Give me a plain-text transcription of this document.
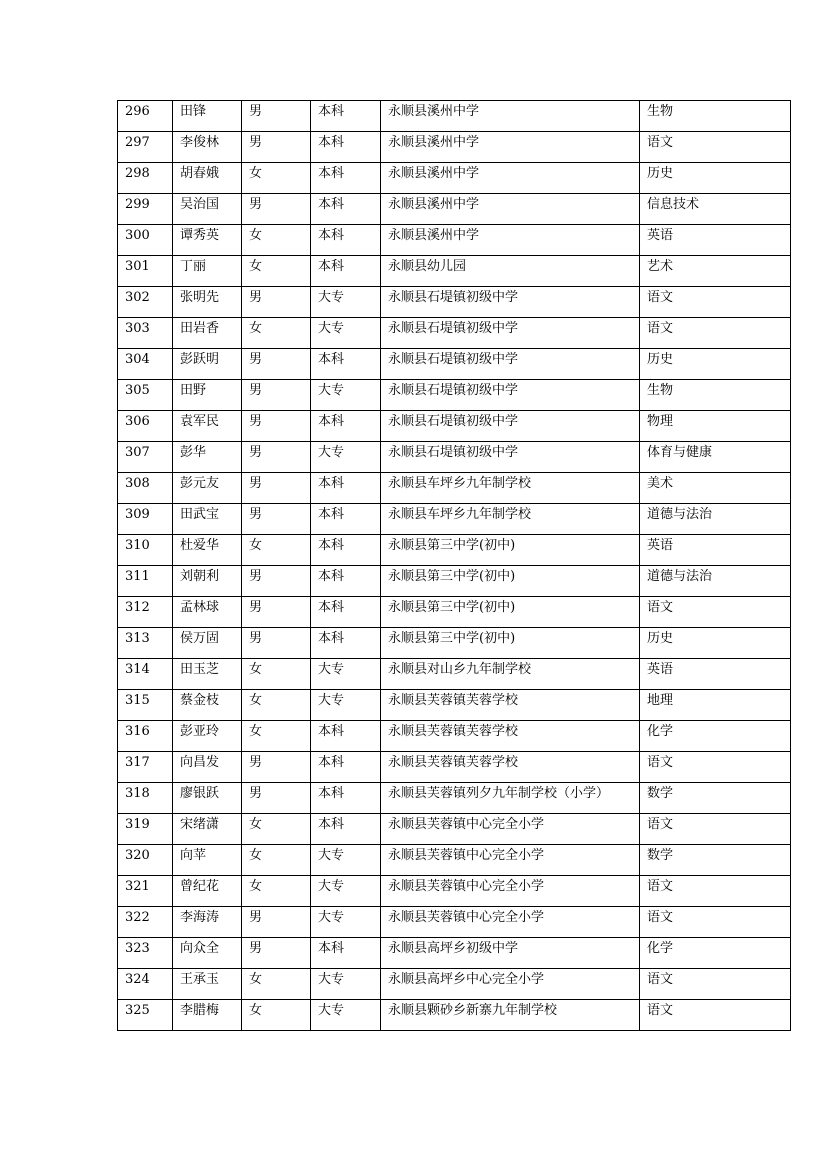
296	田锋	男	本科	永顺县溪州中学	生物
297	李俊林	男	本科	永顺县溪州中学	语文
298	胡春娥	女	本科	永顺县溪州中学	历史
299	吴治国	男	本科	永顺县溪州中学	信息技术
300	谭秀英	女	本科	永顺县溪州中学	英语
301	丁丽	女	本科	永顺县幼儿园	艺术
302	张明先	男	大专	永顺县石堤镇初级中学	语文
303	田岩香	女	大专	永顺县石堤镇初级中学	语文
304	彭跃明	男	本科	永顺县石堤镇初级中学	历史
305	田野	男	大专	永顺县石堤镇初级中学	生物
306	袁军民	男	本科	永顺县石堤镇初级中学	物理
307	彭华	男	大专	永顺县石堤镇初级中学	体育与健康
308	彭元友	男	本科	永顺县车坪乡九年制学校	美术
309	田武宝	男	本科	永顺县车坪乡九年制学校	道德与法治
310	杜爱华	女	本科	永顺县第三中学(初中)	英语
311	刘朝利	男	本科	永顺县第三中学(初中)	道德与法治
312	孟林球	男	本科	永顺县第三中学(初中)	语文
313	侯万固	男	本科	永顺县第三中学(初中)	历史
314	田玉芝	女	大专	永顺县对山乡九年制学校	英语
315	蔡金枝	女	大专	永顺县芙蓉镇芙蓉学校	地理
316	彭亚玲	女	本科	永顺县芙蓉镇芙蓉学校	化学
317	向昌发	男	本科	永顺县芙蓉镇芙蓉学校	语文
318	廖银跃	男	本科	永顺县芙蓉镇列夕九年制学校（小学）	数学
319	宋绪潇	女	本科	永顺县芙蓉镇中心完全小学	语文
320	向苹	女	大专	永顺县芙蓉镇中心完全小学	数学
321	曾纪花	女	大专	永顺县芙蓉镇中心完全小学	语文
322	李海涛	男	大专	永顺县芙蓉镇中心完全小学	语文
323	向众全	男	本科	永顺县高坪乡初级中学	化学
324	王承玉	女	大专	永顺县高坪乡中心完全小学	语文
325	李腊梅	女	大专	永顺县颗砂乡新寨九年制学校	语文
